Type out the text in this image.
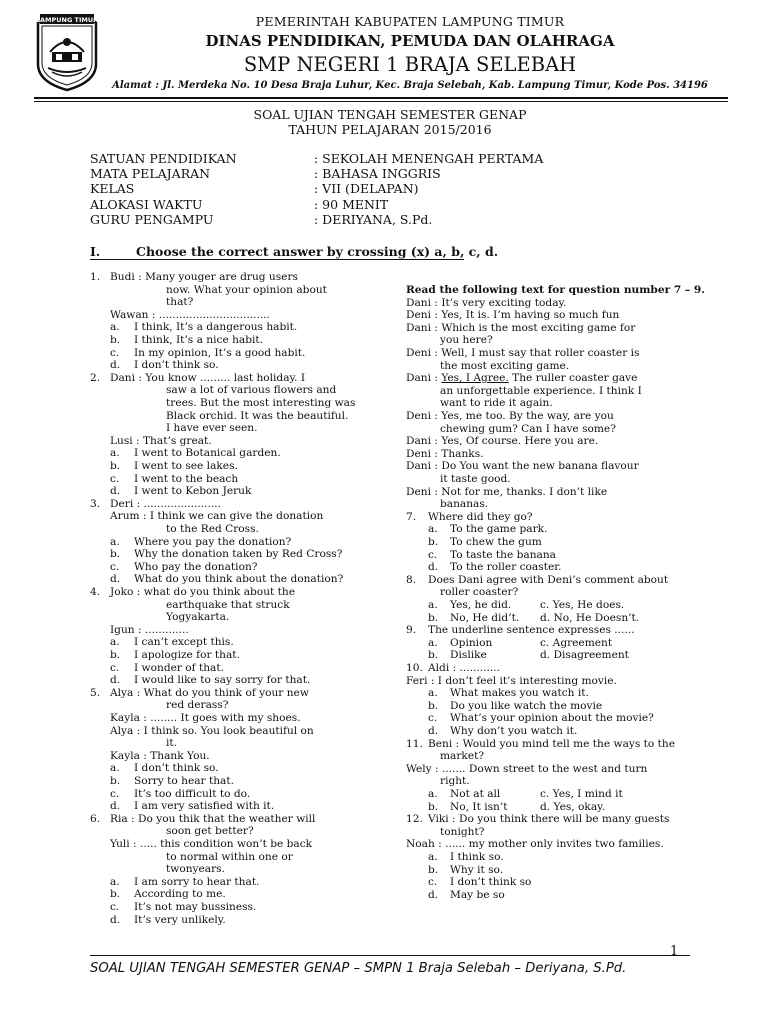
LAMPUNG TIMUR	PEMERINTAH KABUPATEN LAMPUNG TIMUR
DINAS PENDIDIKAN, PEMUDA DAN OLAHRAGA
SMP NEGERI 1 BRAJA SELEBAH
Alamat : Jl. Merdeka No. 10 Desa Braja Luhur, Kec. Braja Selebah, Kab. Lampung Timur, Kode Pos. 34196
SOAL UJIAN TENGAH SEMESTER GENAP
TAHUN PELAJARAN 2015/2016
SATUAN PENDIDIKAN	: SEKOLAH MENENGAH PERTAMA
MATA PELAJARAN	: BAHASA INGGRIS
KELAS	: VII (DELAPAN)
ALOKASI WAKTU	: 90 MENIT
GURU PENGAMPU	: DERIYANA, S.Pd.
I.	Choose the correct answer by crossing (x) a, b, c, d.
1. Budi : Many youger are drug users
now. What your opinion about
that?
Wawan : .................................
a. I think, It’s a dangerous habit.
b. I think, It’s a nice habit.
c. In my opinion, It’s a good habit.
d. I don’t think so.
2. Dani : You know ......... last holiday. I
saw a lot of various flowers and
trees. But the most interesting was
Black orchid. It was the beautiful.
I have ever seen.
Lusi : That’s great.
a. I went to Botanical garden.
b. I went to see lakes.
c. I went to the beach
d. I went to Kebon Jeruk
3. Deri : .......................
Arum : I think we can give the donation
to the Red Cross.
a. Where you pay the donation?
b. Why the donation taken by Red Cross?
c. Who pay the donation?
d. What do you think about the donation?
4. Joko : what do you think about the
earthquake that struck
Yogyakarta.
Igun : .............
a. I can’t except this.
b. I apologize for that.
c. I wonder of that.
d. I would like to say sorry for that.
5. Alya : What do you think of your new
red derass?
Kayla : ........ It goes with my shoes.
Alya : I think so. You look beautiful on
it.
Kayla : Thank You.
a. I don’t think so.
b. Sorry to hear that.
c. It’s too difficult to do.
d. I am very satisfied with it.
6. Ria : Do you thik that the weather will
soon get better?
Yuli : ..... this condition won’t be back
to normal within one or
twonyears.
a. I am sorry to hear that.
b. According to me.
c. It’s not may bussiness.
d. It’s very unlikely.
Read the following text for question number 7 – 9.
Dani : It’s very exciting today.
Deni : Yes, It is. I’m having so much fun
Dani : Which is the most exciting game for
you here?
Deni : Well, I must say that roller coaster is
the most exciting game.
Dani : Yes, I Agree. The ruller coaster gave
an unforgettable experience. I think I
want to ride it again.
Deni : Yes, me too. By the way, are you
chewing gum? Can I have some?
Dani : Yes, Of course. Here you are.
Deni : Thanks.
Dani : Do You want the new banana flavour
it taste good.
Deni : Not for me, thanks. I don’t like
bananas.
7. Where did they go?
a. To the game park.
b. To chew the gum
c. To taste the banana
d. To the roller coaster.
8. Does Dani agree with Deni’s comment about
roller coaster?
a. Yes, he did.	c. Yes, He does.
b. No, He did’t. d. No, He Doesn’t.
9. The underline sentence expresses ......
a. Opinion	c. Agreement
b. Dislike	d. Disagreement
10. Aldi : ............
Feri : I don’t feel it’s interesting movie.
a. What makes you watch it.
b. Do you like watch the movie
c. What’s your opinion about the movie?
d. Why don’t you watch it.
11. Beni : Would you mind tell me the ways to the
market?
Wely : ....... Down street to the west and turn
right.
a. Not at all	c. Yes, I mind it
b. No, It isn’t	d. Yes, okay.
12. Viki : Do you think there will be many guests
tonight?
Noah : ...... my mother only invites two families.
a. I think so.
b. Why it so.
c. I don’t think so
d. May be so
1
SOAL UJIAN TENGAH SEMESTER GENAP – SMPN 1 Braja Selebah – Deriyana, S.Pd.
